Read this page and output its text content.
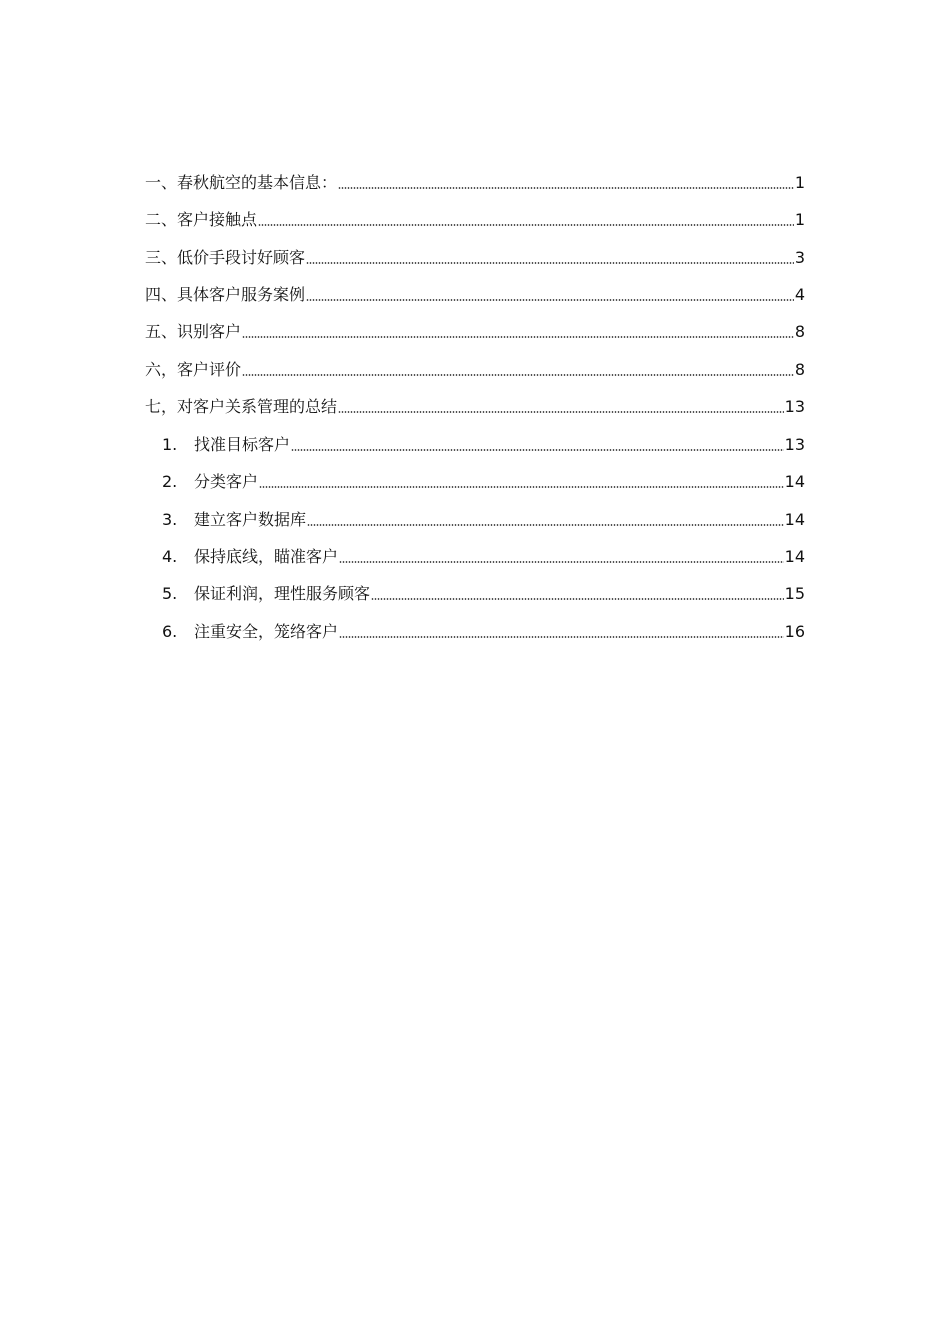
一、春秋航空的基本信息：	1
二、客户接触点	1
三、低价手段讨好顾客	3
四、具体客户服务案例	4
五、识别客户	8
六，客户评价	8
七，对客户关系管理的总结	13
1.	找准目标客户	13
2.	分类客户	14
3.	建立客户数据库	14
4.	保持底线，瞄准客户	14
5.	保证利润，理性服务顾客	15
6.	注重安全，笼络客户	16
